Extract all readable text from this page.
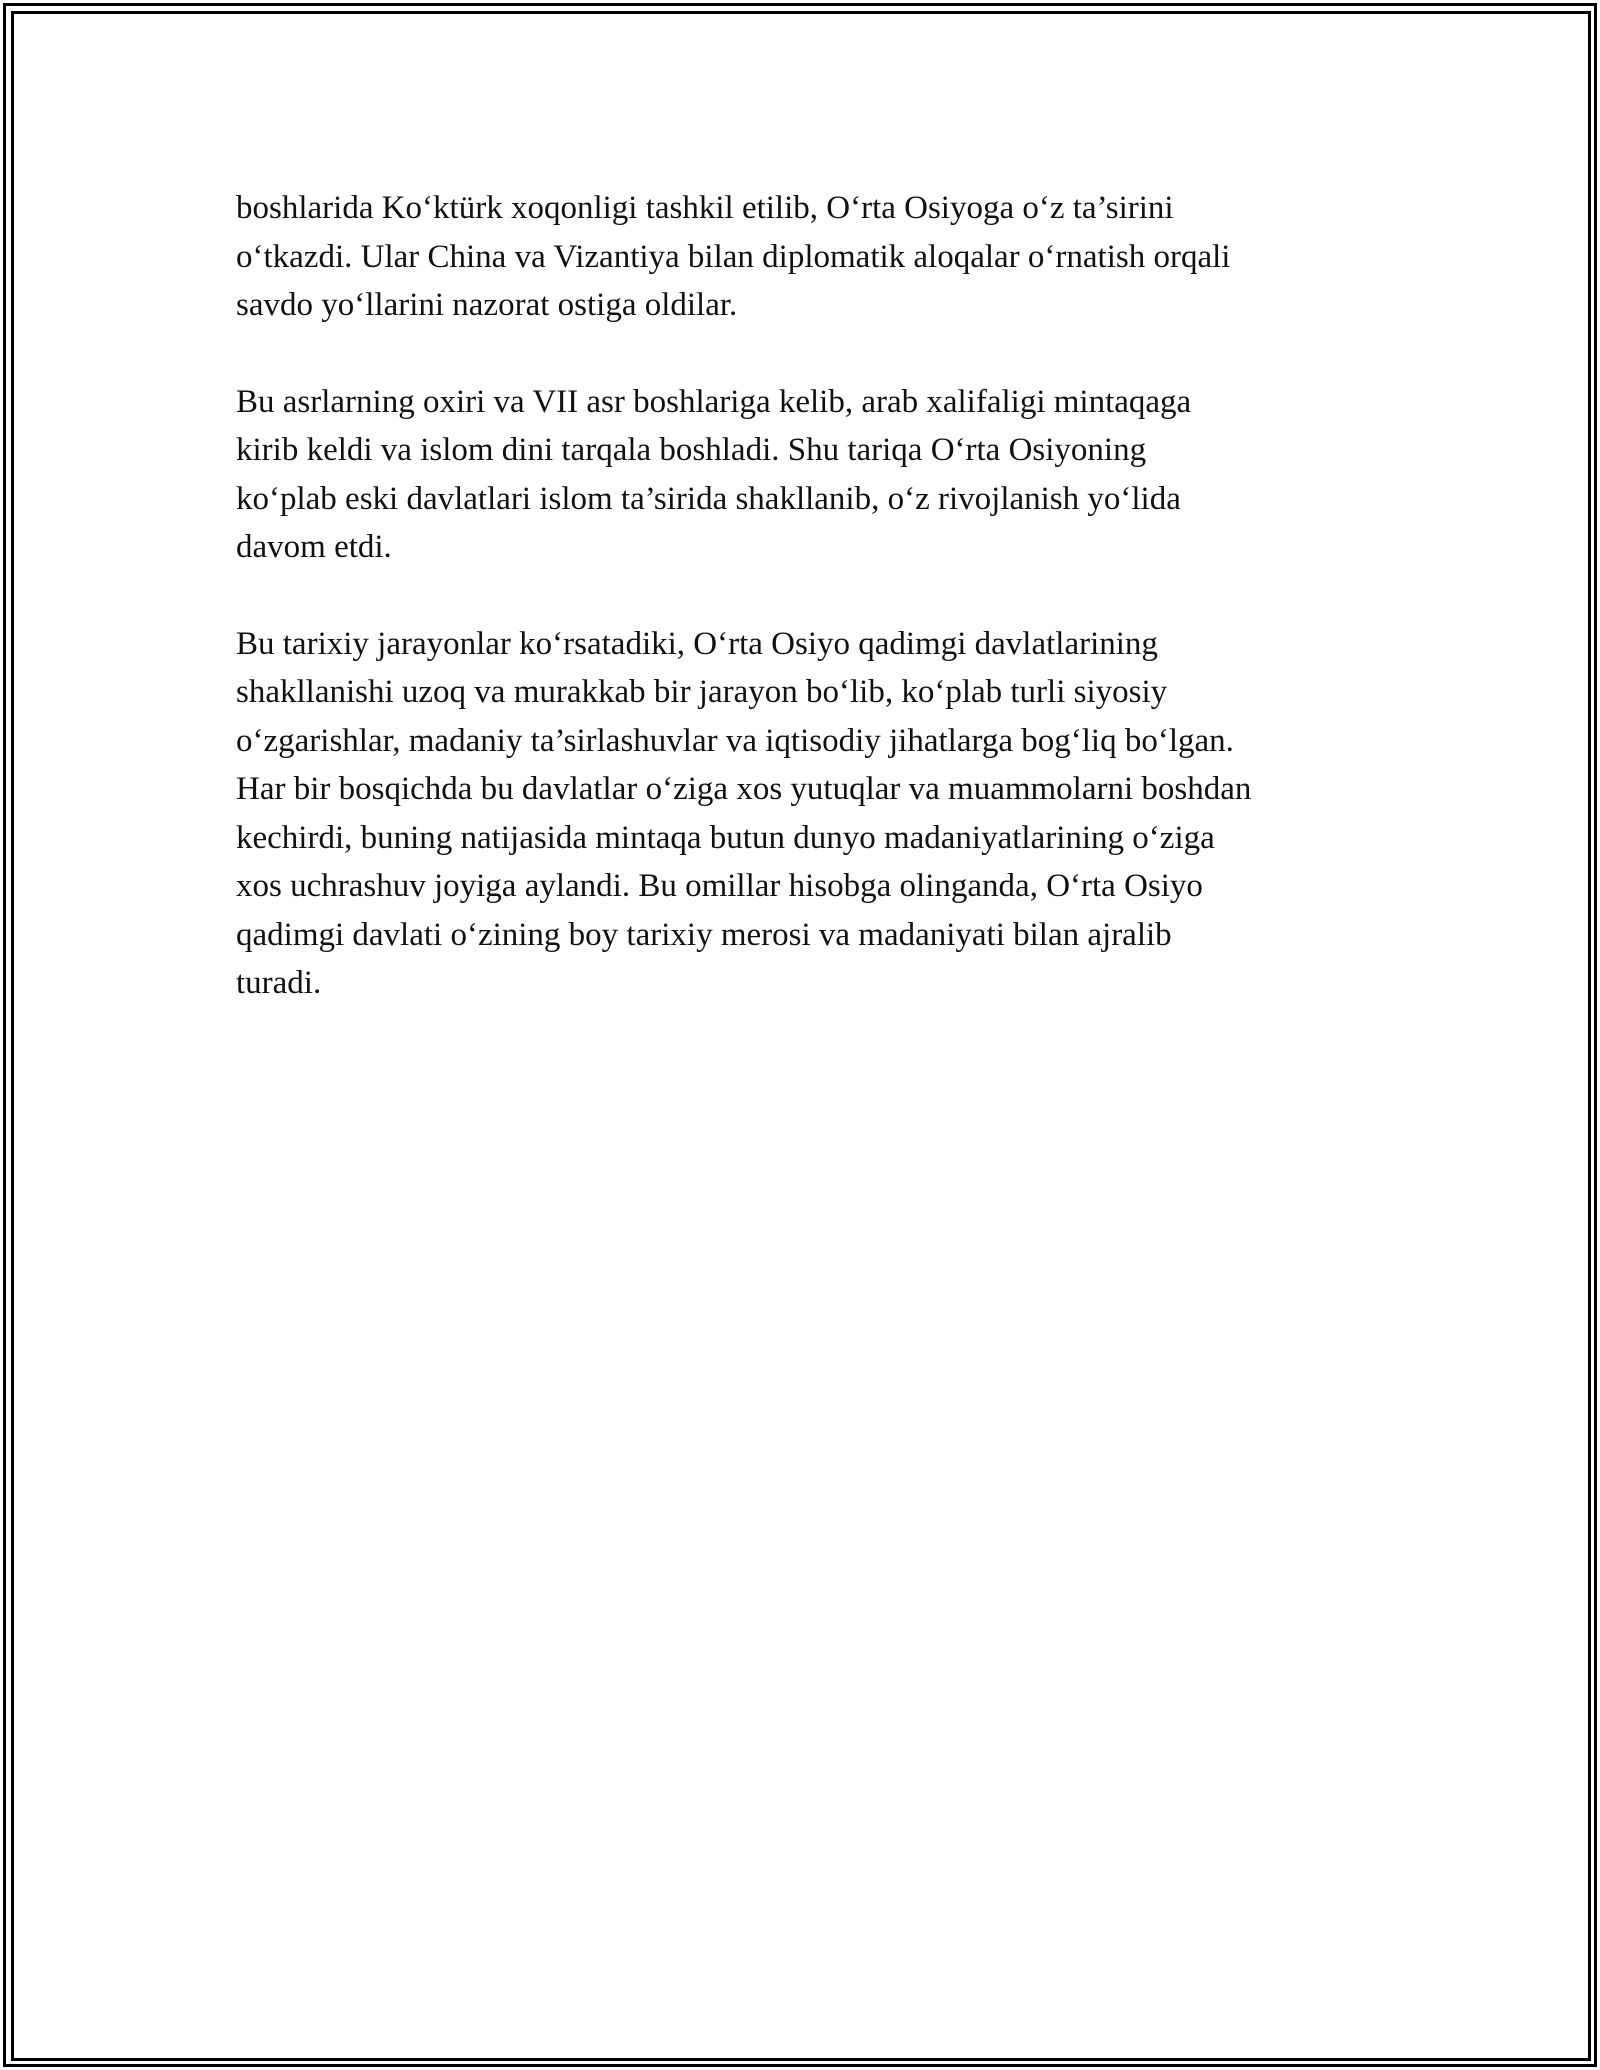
boshlarida Ko‘ktürk xoqonligi tashkil etilib, O‘rta Osiyoga o‘z ta’sirini
o‘tkazdi. Ular China va Vizantiya bilan diplomatik aloqalar o‘rnatish orqali
savdo yo‘llarini nazorat ostiga oldilar.

Bu asrlarning oxiri va VII asr boshlariga kelib, arab xalifaligi mintaqaga
kirib keldi va islom dini tarqala boshladi. Shu tariqa O‘rta Osiyoning
ko‘plab eski davlatlari islom ta’sirida shakllanib, o‘z rivojlanish yo‘lida
davom etdi.

Bu tarixiy jarayonlar ko‘rsatadiki, O‘rta Osiyo qadimgi davlatlarining
shakllanishi uzoq va murakkab bir jarayon bo‘lib, ko‘plab turli siyosiy
o‘zgarishlar, madaniy ta’sirlashuvlar va iqtisodiy jihatlarga bog‘liq bo‘lgan.
Har bir bosqichda bu davlatlar o‘ziga xos yutuqlar va muammolarni boshdan
kechirdi, buning natijasida mintaqa butun dunyo madaniyatlarining o‘ziga
xos uchrashuv joyiga aylandi. Bu omillar hisobga olinganda, O‘rta Osiyo
qadimgi davlati o‘zining boy tarixiy merosi va madaniyati bilan ajralib
turadi.
